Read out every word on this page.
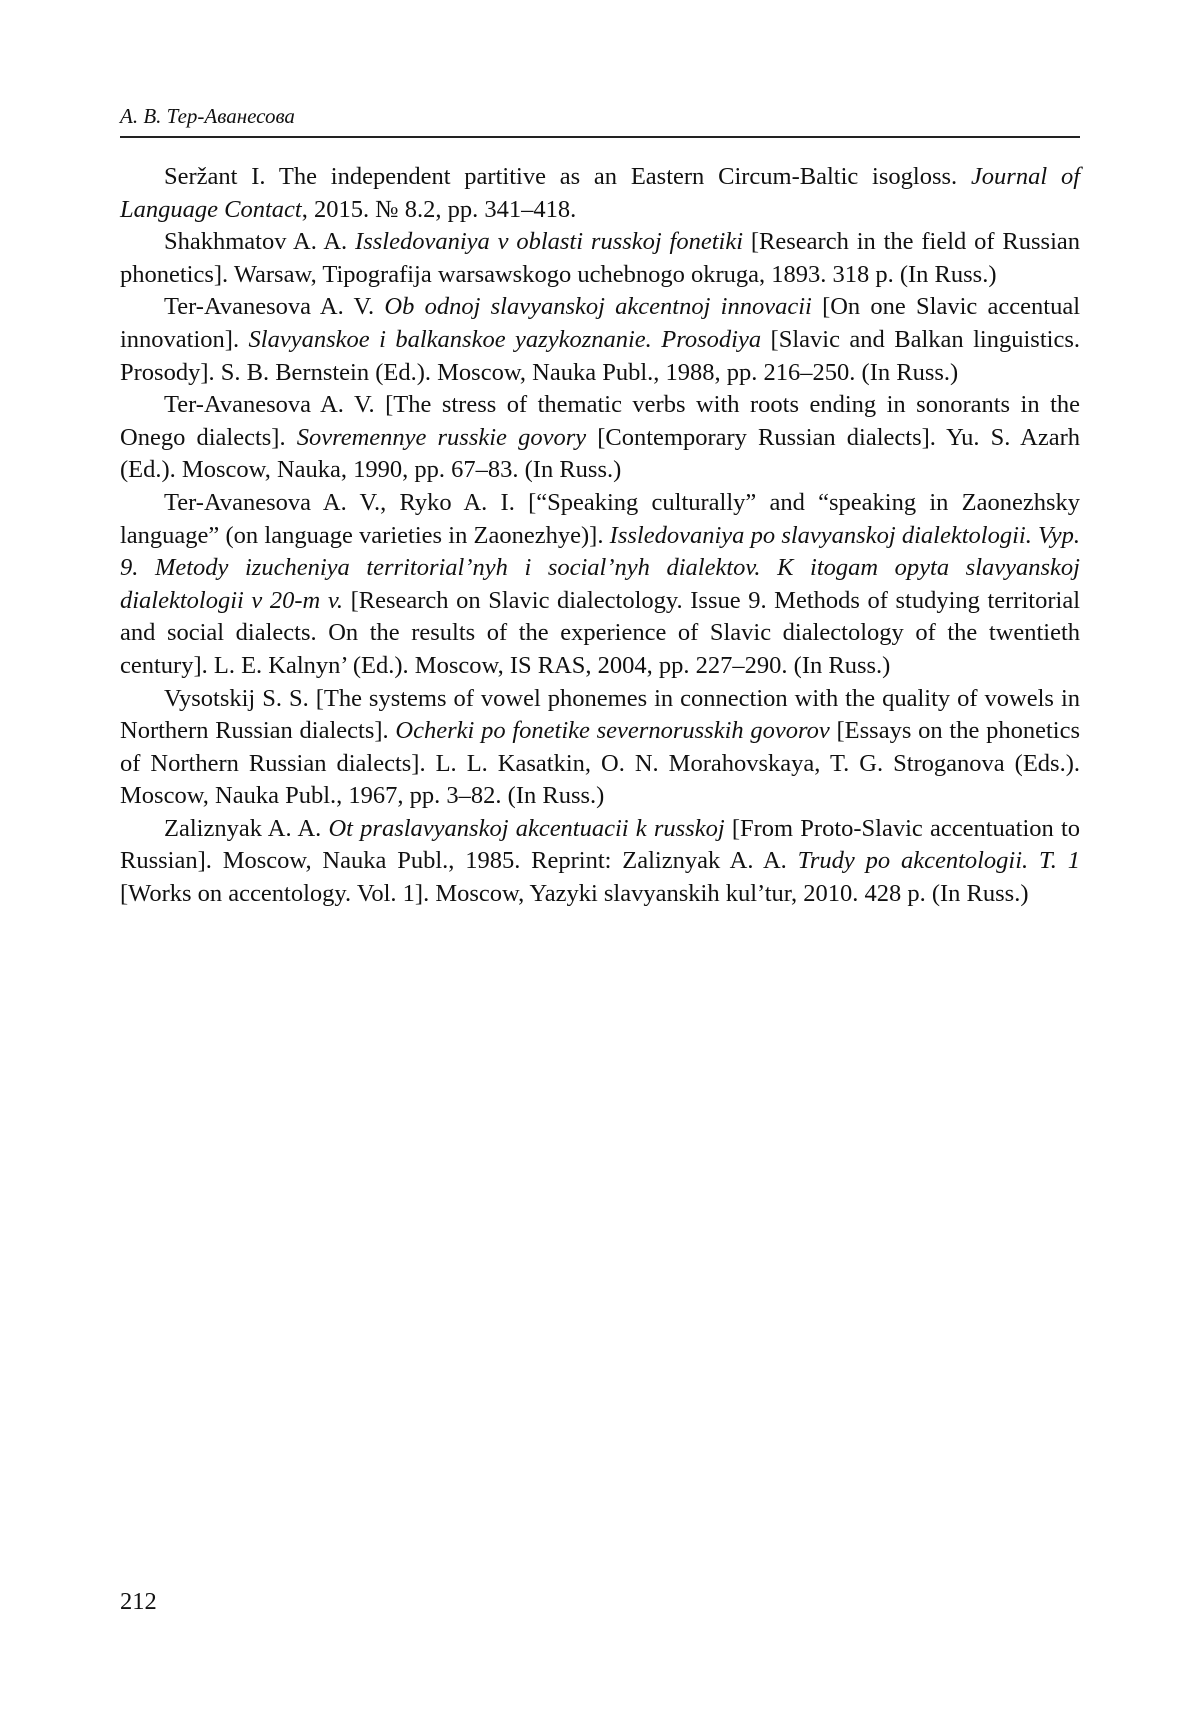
А. В. Тер-Аванесова

Seržant I. The independent partitive as an Eastern Circum-Baltic isogloss. Journal of Language Contact, 2015. № 8.2, pp. 341–418.

Shakhmatov A. A. Issledovaniya v oblasti russkoj fonetiki [Research in the field of Russian phonetics]. Warsaw, Tipografija warsawskogo uchebnogo okruga, 1893. 318 p. (In Russ.)

Ter-Avanesova A. V. Ob odnoj slavyanskoj akcentnoj innovacii [On one Slavic accentual innovation]. Slavyanskoe i balkanskoe yazykoznanie. Prosodiya [Slavic and Balkan linguistics. Prosody]. S. B. Bernstein (Ed.). Moscow, Nauka Publ., 1988, pp. 216–250. (In Russ.)

Ter-Avanesova A. V. [The stress of thematic verbs with roots ending in sonorants in the Onego dialects]. Sovremennye russkie govory [Contemporary Russian dialects]. Yu. S. Azarh (Ed.). Moscow, Nauka, 1990, pp. 67–83. (In Russ.)

Ter-Avanesova A. V., Ryko A. I. [“Speaking culturally” and “speaking in Zaonezhsky language” (on language varieties in Zaonezhye)]. Issledovaniya po slavyanskoj dialektologii. Vyp. 9. Metody izucheniya territorial’nyh i social’nyh dialektov. K itogam opyta slavyanskoj dialektologii v 20-m v. [Research on Slavic dialectology. Issue 9. Methods of studying territorial and social dialects. On the results of the experience of Slavic dialectology of the twentieth century]. L. E. Kalnyn’ (Ed.). Moscow, IS RAS, 2004, pp. 227–290. (In Russ.)

Vysotskij S. S. [The systems of vowel phonemes in connection with the quality of vowels in Northern Russian dialects]. Ocherki po fonetike severnorusskih govorov [Essays on the phonetics of Northern Russian dialects]. L. L. Kasatkin, O. N. Morahovskaya, T. G. Stroganova (Eds.). Moscow, Nauka Publ., 1967, pp. 3–82. (In Russ.)

Zaliznyak A. A. Ot praslavyanskoj akcentuacii k russkoj [From Proto-Slavic accentuation to Russian]. Moscow, Nauka Publ., 1985. Reprint: Zaliznyak A. A. Trudy po akcentologii. T. 1 [Works on accentology. Vol. 1]. Moscow, Yazyki slavyanskih kul’tur, 2010. 428 p. (In Russ.)

212
